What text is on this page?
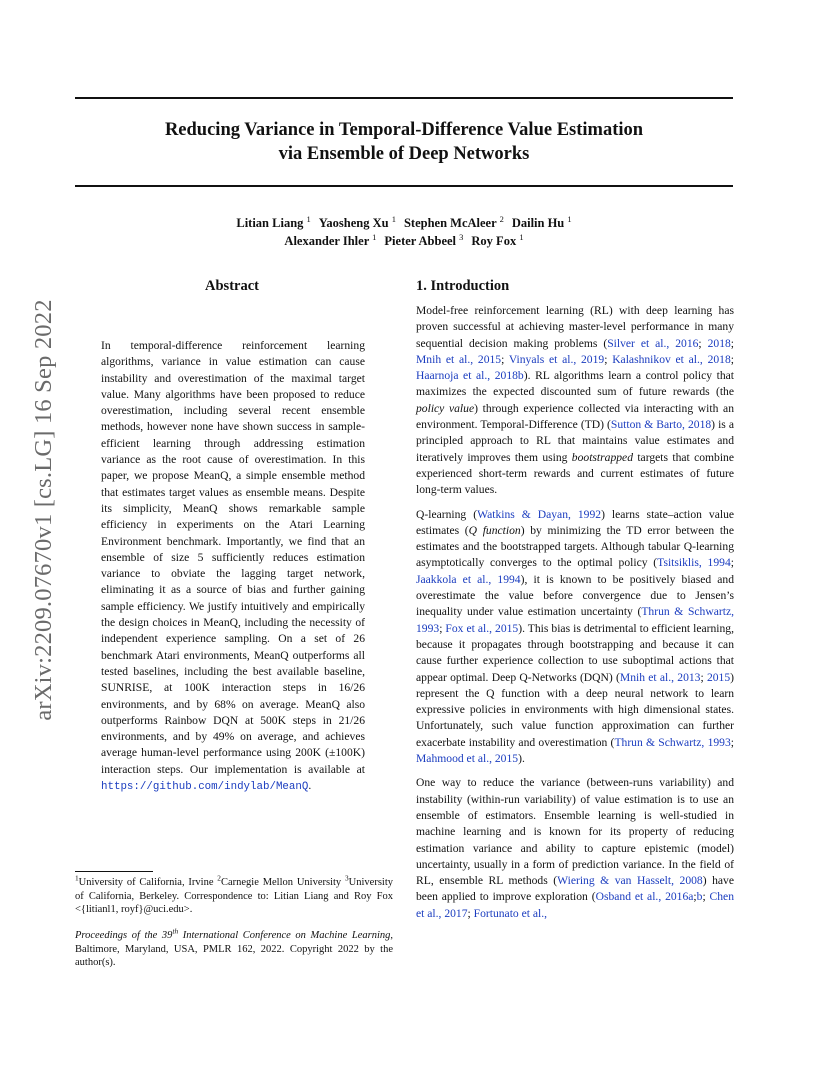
Reducing Variance in Temporal-Difference Value Estimation
via Ensemble of Deep Networks
Litian Liang $^1$ Yaosheng Xu $^1$ Stephen McAleer $^2$ Dailin Hu $^1$
Alexander Ihler $^1$ Pieter Abbeel $^3$ Roy Fox $^1$
arXiv:2209.07670v1 [cs.LG] 16 Sep 2022
Abstract
In temporal-difference reinforcement learning algorithms, variance in value estimation can cause instability and overestimation of the maximal target value. Many algorithms have been proposed to reduce overestimation, including several recent ensemble methods, however none have shown success in sample-efficient learning through addressing estimation variance as the root cause of overestimation. In this paper, we propose MeanQ, a simple ensemble method that estimates target values as ensemble means. Despite its simplicity, MeanQ shows remarkable sample efficiency in experiments on the Atari Learning Environment benchmark. Importantly, we find that an ensemble of size 5 sufficiently reduces estimation variance to obviate the lagging target network, eliminating it as a source of bias and further gaining sample efficiency. We justify intuitively and empirically the design choices in MeanQ, including the necessity of independent experience sampling. On a set of 26 benchmark Atari environments, MeanQ outperforms all tested baselines, including the best available baseline, SUNRISE, at 100K interaction steps in 16/26 environments, and by 68% on average. MeanQ also outperforms Rainbow DQN at 500K steps in 21/26 environments, and by 49% on average, and achieves average human-level performance using 200K (±100K) interaction steps. Our implementation is available at https://github.com/indylab/MeanQ.
$^1$University of California, Irvine $^2$Carnegie Mellon University $^3$University of California, Berkeley. Correspondence to: Litian Liang and Roy Fox <{litianl1, royf}@uci.edu>.
Proceedings of the 39th International Conference on Machine Learning, Baltimore, Maryland, USA, PMLR 162, 2022. Copyright 2022 by the author(s).
1. Introduction

Model-free reinforcement learning (RL) with deep learning has proven successful at achieving master-level performance in many sequential decision making problems (Silver et al., 2016; 2018; Mnih et al., 2015; Vinyals et al., 2019; Kalashnikov et al., 2018; Haarnoja et al., 2018b). RL algorithms learn a control policy that maximizes the expected discounted sum of future rewards (the policy value) through experience collected via interacting with an environment. Temporal-Difference (TD) (Sutton & Barto, 2018) is a principled approach to RL that maintains value estimates and iteratively improves them using bootstrapped targets that combine experienced short-term rewards and current estimates of future long-term values.

Q-learning (Watkins & Dayan, 1992) learns state–action value estimates (Q function) by minimizing the TD error between the estimates and the bootstrapped targets. Although tabular Q-learning asymptotically converges to the optimal policy (Tsitsiklis, 1994; Jaakkola et al., 1994), it is known to be positively biased and overestimate the value before convergence due to Jensen’s inequality under value estimation uncertainty (Thrun & Schwartz, 1993; Fox et al., 2015). This bias is detrimental to efficient learning, because it propagates through bootstrapping and because it can cause further experience collection to use suboptimal actions that appear optimal. Deep Q-Networks (DQN) (Mnih et al., 2013; 2015) represent the Q function with a deep neural network to learn expressive policies in environments with high dimensional states. Unfortunately, such value function approximation can further exacerbate instability and overestimation (Thrun & Schwartz, 1993; Mahmood et al., 2015).

One way to reduce the variance (between-runs variability) and instability (within-run variability) of value estimation is to use an ensemble of estimators. Ensemble learning is well-studied in machine learning and is known for its property of reducing estimation variance and ability to capture epistemic (model) uncertainty, usually in a form of prediction variance. In the field of RL, ensemble RL methods (Wiering & van Hasselt, 2008) have been applied to improve exploration (Osband et al., 2016a;b; Chen et al., 2017; Fortunato et al.,
